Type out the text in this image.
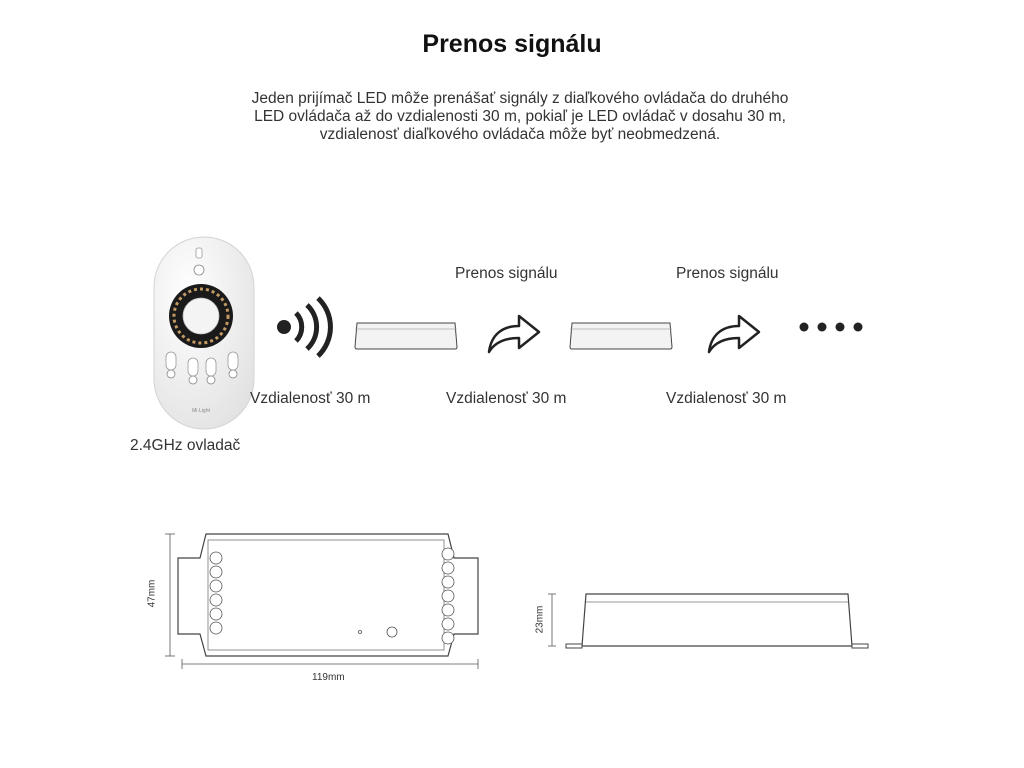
Prenos signálu
Jeden prijímač LED môže prenášať signály z diaľkového ovládača do druhého
LED ovládača až do vzdialenosti 30 m, pokiaľ je LED ovládač v dosahu 30 m,
vzdialenosť diaľkového ovládača môže byť neobmedzená.
Mi·Light
2.4GHz ovladač
Prenos signálu	Prenos signálu
Vzdialenosť 30 m	Vzdialenosť 30 m	Vzdialenosť 30 m
47mm
119mm
23mm
